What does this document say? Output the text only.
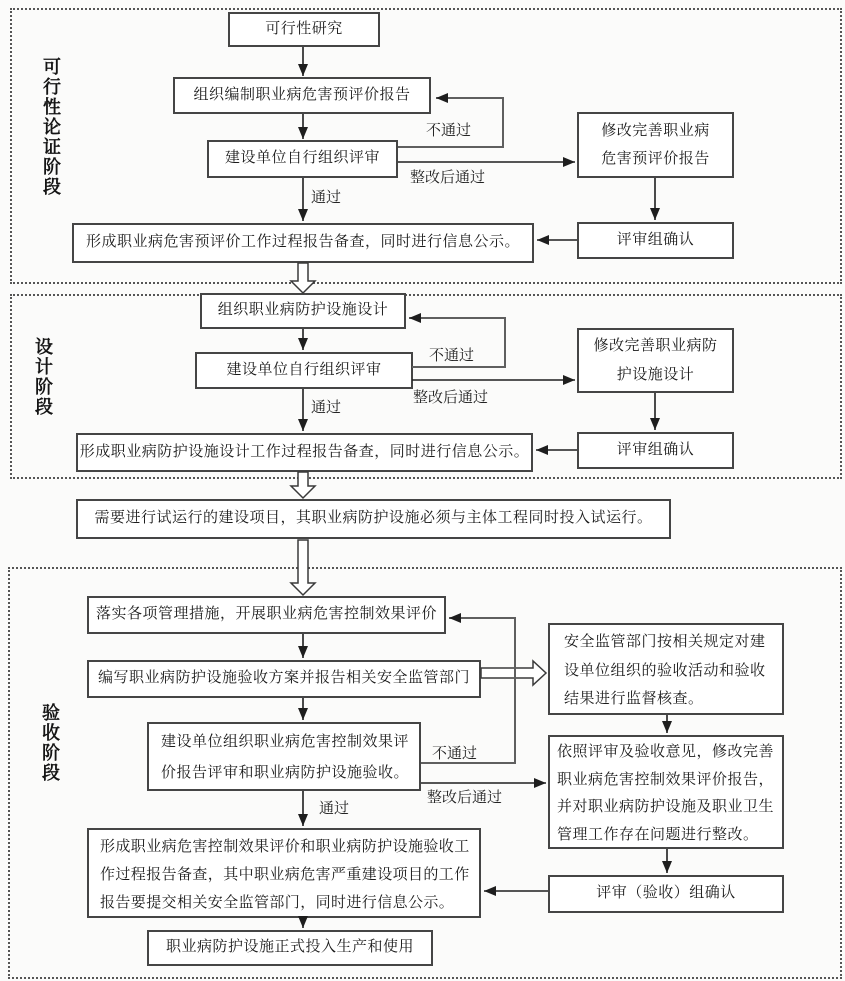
可行性论证阶段
设计阶段
验收阶段
可行性研究
组织编制职业病危害预评价报告
建设单位自行组织评审
修改完善职业病危害预评价报告
形成职业病危害预评价工作过程报告备查，同时进行信息公示。	评审组确认
不通过
整改后通过
通过
组织职业病防护设施设计
建设单位自行组织评审
修改完善职业病防护设施设计
形成职业病防护设施设计工作过程报告备查，同时进行信息公示。	评审组确认
不通过
整改后通过
通过
需要进行试运行的建设项目，其职业病防护设施必须与主体工程同时投入试运行。
落实各项管理措施，开展职业病危害控制效果评价
编写职业病防护设施验收方案并报告相关安全监管部门
建设单位组织职业病危害控制效果评价报告评审和职业病防护设施验收。
安全监管部门按相关规定对建设单位组织的验收活动和验收结果进行监督核查。
依照评审及验收意见，修改完善职业病危害控制效果评价报告，并对职业病防护设施及职业卫生管理工作存在问题进行整改。
形成职业病危害控制效果评价和职业病防护设施验收工作过程报告备查，其中职业病危害严重建设项目的工作报告要提交相关安全监管部门，同时进行信息公示。
评审（验收）组确认
职业病防护设施正式投入生产和使用
不通过
整改后通过
通过
